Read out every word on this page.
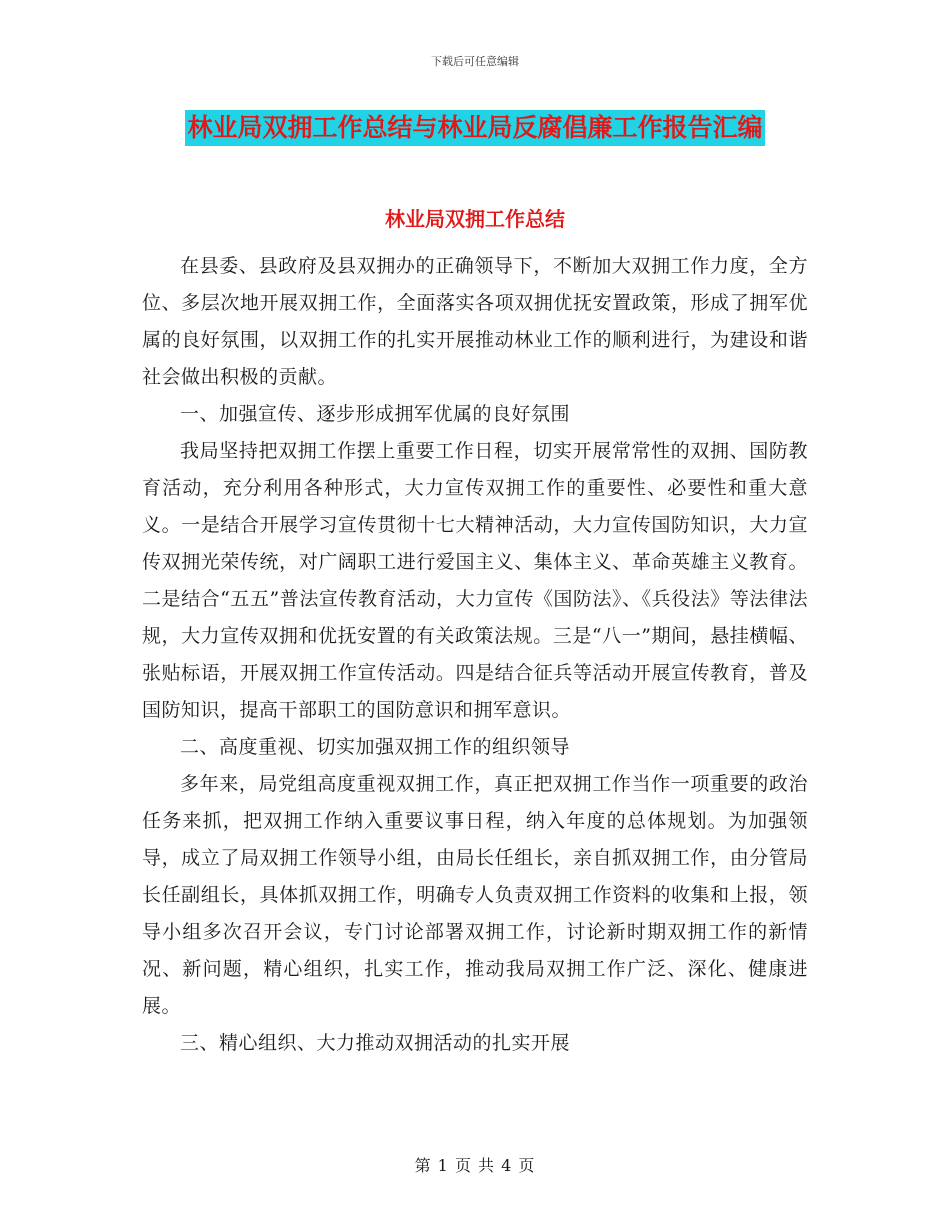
下载后可任意编辑
林业局双拥工作总结与林业局反腐倡廉工作报告汇编
林业局双拥工作总结

在县委、县政府及县双拥办的正确领导下，不断加大双拥工作力度，全方位、多层次地开展双拥工作，全面落实各项双拥优抚安置政策，形成了拥军优属的良好氛围，以双拥工作的扎实开展推动林业工作的顺利进行，为建设和谐社会做出积极的贡献。

一、加强宣传、逐步形成拥军优属的良好氛围

我局坚持把双拥工作摆上重要工作日程，切实开展常常性的双拥、国防教育活动，充分利用各种形式，大力宣传双拥工作的重要性、必要性和重大意义。一是结合开展学习宣传贯彻十七大精神活动，大力宣传国防知识，大力宣传双拥光荣传统，对广阔职工进行爱国主义、集体主义、革命英雄主义教育。二是结合“五五”普法宣传教育活动，大力宣传《国防法》、《兵役法》等法律法规，大力宣传双拥和优抚安置的有关政策法规。三是“八一”期间，悬挂横幅、张贴标语，开展双拥工作宣传活动。四是结合征兵等活动开展宣传教育，普及国防知识，提高干部职工的国防意识和拥军意识。

二、高度重视、切实加强双拥工作的组织领导

多年来，局党组高度重视双拥工作，真正把双拥工作当作一项重要的政治任务来抓，把双拥工作纳入重要议事日程，纳入年度的总体规划。为加强领导，成立了局双拥工作领导小组，由局长任组长，亲自抓双拥工作，由分管局长任副组长，具体抓双拥工作，明确专人负责双拥工作资料的收集和上报，领导小组多次召开会议，专门讨论部署双拥工作，讨论新时期双拥工作的新情况、新问题，精心组织，扎实工作，推动我局双拥工作广泛、深化、健康进展。

三、精心组织、大力推动双拥活动的扎实开展

第 1 页 共 4 页
